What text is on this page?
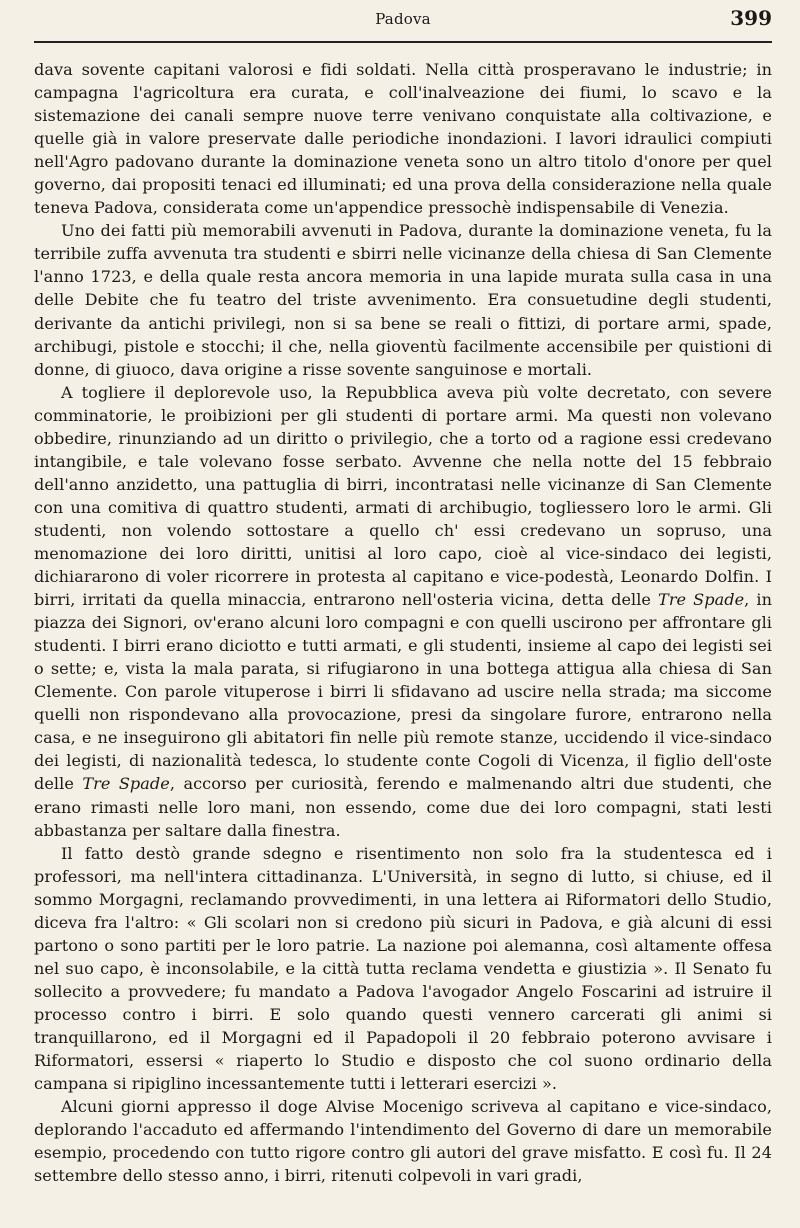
Padova	399

dava sovente capitani valorosi e fidi soldati. Nella città prosperavano le industrie; in campagna l'agricoltura era curata, e coll'inalveazione dei fiumi, lo scavo e la sistemazione dei canali sempre nuove terre venivano conquistate alla coltivazione, e quelle già in valore preservate dalle periodiche inondazioni. I lavori idraulici compiuti nell'Agro padovano durante la dominazione veneta sono un altro titolo d'onore per quel governo, dai propositi tenaci ed illuminati; ed una prova della considerazione nella quale teneva Padova, considerata come un'appendice pressochè indispensabile di Venezia.

Uno dei fatti più memorabili avvenuti in Padova, durante la dominazione veneta, fu la terribile zuffa avvenuta tra studenti e sbirri nelle vicinanze della chiesa di San Clemente l'anno 1723, e della quale resta ancora memoria in una lapide murata sulla casa in una delle Debite che fu teatro del triste avvenimento. Era consuetudine degli studenti, derivante da antichi privilegi, non si sa bene se reali o fittizi, di portare armi, spade, archibugi, pistole e stocchi; il che, nella gioventù facilmente accensibile per quistioni di donne, di giuoco, dava origine a risse sovente sanguinose e mortali.

A togliere il deplorevole uso, la Repubblica aveva più volte decretato, con severe comminatorie, le proibizioni per gli studenti di portare armi. Ma questi non volevano obbedire, rinunziando ad un diritto o privilegio, che a torto od a ragione essi credevano intangibile, e tale volevano fosse serbato. Avvenne che nella notte del 15 febbraio dell'anno anzidetto, una pattuglia di birri, incontratasi nelle vicinanze di San Clemente con una comitiva di quattro studenti, armati di archibugio, togliessero loro le armi. Gli studenti, non volendo sottostare a quello ch' essi credevano un sopruso, una menomazione dei loro diritti, unitisi al loro capo, cioè al vice-sindaco dei legisti, dichiararono di voler ricorrere in protesta al capitano e vice-podestà, Leonardo Dolfin. I birri, irritati da quella minaccia, entrarono nell'osteria vicina, detta delle Tre Spade, in piazza dei Signori, ov'erano alcuni loro compagni e con quelli uscirono per affrontare gli studenti. I birri erano diciotto e tutti armati, e gli studenti, insieme al capo dei legisti sei o sette; e, vista la mala parata, si rifugiarono in una bottega attigua alla chiesa di San Clemente. Con parole vituperose i birri li sfidavano ad uscire nella strada; ma siccome quelli non rispondevano alla provocazione, presi da singolare furore, entrarono nella casa, e ne inseguirono gli abitatori fin nelle più remote stanze, uccidendo il vice-sindaco dei legisti, di nazionalità tedesca, lo studente conte Cogoli di Vicenza, il figlio dell'oste delle Tre Spade, accorso per curiosità, ferendo e malmenando altri due studenti, che erano rimasti nelle loro mani, non essendo, come due dei loro compagni, stati lesti abbastanza per saltare dalla finestra.

Il fatto destò grande sdegno e risentimento non solo fra la studentesca ed i professori, ma nell'intera cittadinanza. L'Università, in segno di lutto, si chiuse, ed il sommo Morgagni, reclamando provvedimenti, in una lettera ai Riformatori dello Studio, diceva fra l'altro: « Gli scolari non si credono più sicuri in Padova, e già alcuni di essi partono o sono partiti per le loro patrie. La nazione poi alemanna, così altamente offesa nel suo capo, è inconsolabile, e la città tutta reclama vendetta e giustizia ». Il Senato fu sollecito a provvedere; fu mandato a Padova l'avogador Angelo Foscarini ad istruire il processo contro i birri. E solo quando questi vennero carcerati gli animi si tranquillarono, ed il Morgagni ed il Papadopoli il 20 febbraio poterono avvisare i Riformatori, essersi « riaperto lo Studio e disposto che col suono ordinario della campana si ripiglino incessantemente tutti i letterari esercizi ».

Alcuni giorni appresso il doge Alvise Mocenigo scriveva al capitano e vice-sindaco, deplorando l'accaduto ed affermando l'intendimento del Governo di dare un memorabile esempio, procedendo con tutto rigore contro gli autori del grave misfatto. E così fu. Il 24 settembre dello stesso anno, i birri, ritenuti colpevoli in vari gradi,
